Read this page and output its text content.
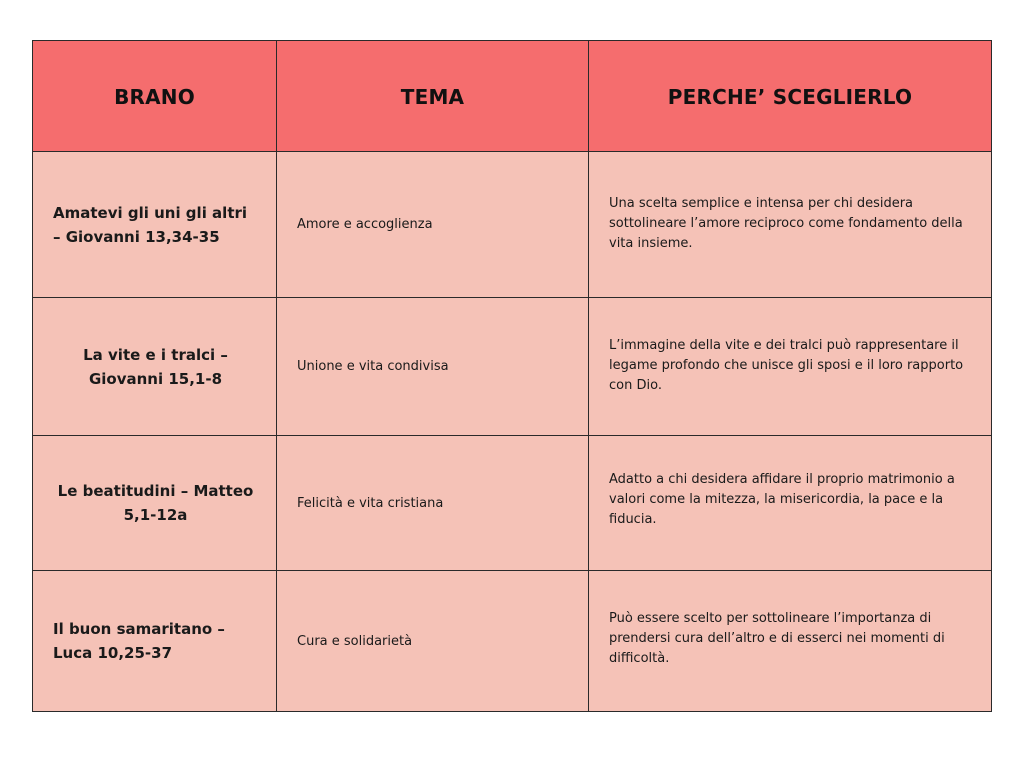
BRANO	TEMA	PERCHE’ SCEGLIERLO
Amatevi gli uni gli altri – Giovanni 13,34-35
Amore e accoglienza
Una scelta semplice e intensa per chi desidera sottolineare l’amore reciproco come fondamento della vita insieme.
La vite e i tralci – Giovanni 15,1-8
Unione e vita condivisa
L’immagine della vite e dei tralci può rappresentare il legame profondo che unisce gli sposi e il loro rapporto con Dio.
Le beatitudini – Matteo 5,1-12a
Felicità e vita cristiana
Adatto a chi desidera affidare il proprio matrimonio a valori come la mitezza, la misericordia, la pace e la fiducia.
Il buon samaritano – Luca 10,25-37
Cura e solidarietà
Può essere scelto per sottolineare l’importanza di prendersi cura dell’altro e di esserci nei momenti di difficoltà.
